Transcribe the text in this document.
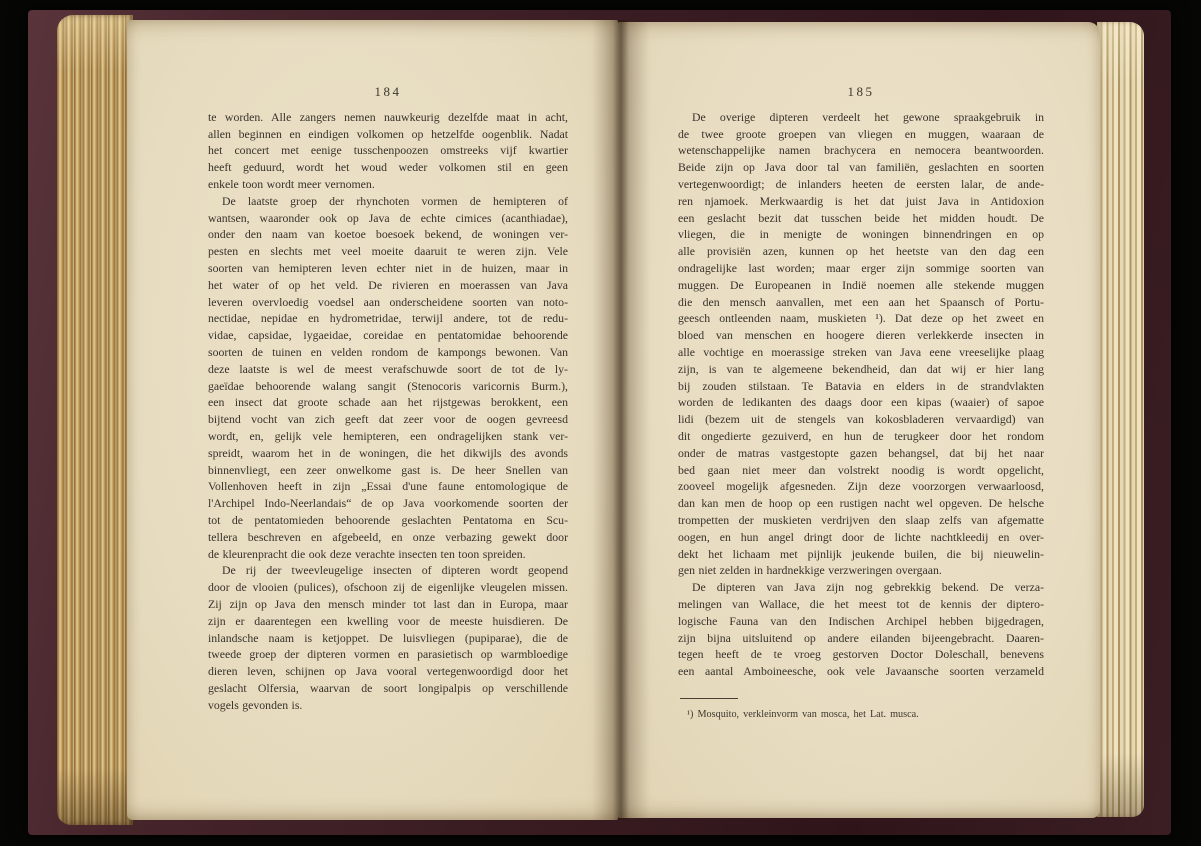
184
te worden. Alle zangers nemen nauwkeurig dezelfde maat in acht,
allen beginnen en eindigen volkomen op hetzelfde oogenblik. Nadat
het concert met eenige tusschenpoozen omstreeks vijf kwartier
heeft geduurd, wordt het woud weder volkomen stil en geen
enkele toon wordt meer vernomen.
De laatste groep der rhynchoten vormen de hemipteren of
wantsen, waaronder ook op Java de echte cimices (acanthiadae),
onder den naam van koetoe boesoek bekend, de woningen ver-
pesten en slechts met veel moeite daaruit te weren zijn. Vele
soorten van hemipteren leven echter niet in de huizen, maar in
het water of op het veld. De rivieren en moerassen van Java
leveren overvloedig voedsel aan onderscheidene soorten van noto-
nectidae, nepidae en hydrometridae, terwijl andere, tot de redu-
vidae, capsidae, lygaeidae, coreidae en pentatomidae behoorende
soorten de tuinen en velden rondom de kampongs bewonen. Van
deze laatste is wel de meest verafschuwde soort de tot de ly-
gaeïdae behoorende walang sangit (Stenocoris varicornis Burm.),
een insect dat groote schade aan het rijstgewas berokkent, een
bijtend vocht van zich geeft dat zeer voor de oogen gevreesd
wordt, en, gelijk vele hemipteren, een ondragelijken stank ver-
spreidt, waarom het in de woningen, die het dikwijls des avonds
binnenvliegt, een zeer onwelkome gast is. De heer Snellen van
Vollenhoven heeft in zijn „Essai d'une faune entomologique de
l'Archipel Indo-Neerlandais“ de op Java voorkomende soorten der
tot de pentatomieden behoorende geslachten Pentatoma en Scu-
tellera beschreven en afgebeeld, en onze verbazing gewekt door
de kleurenpracht die ook deze verachte insecten ten toon spreiden.
De rij der tweevleugelige insecten of dipteren wordt geopend
door de vlooien (pulices), ofschoon zij de eigenlijke vleugelen missen.
Zij zijn op Java den mensch minder tot last dan in Europa, maar
zijn er daarentegen een kwelling voor de meeste huisdieren. De
inlandsche naam is ketjoppet. De luisvliegen (pupiparae), die de
tweede groep der dipteren vormen en parasietisch op warmbloedige
dieren leven, schijnen op Java vooral vertegenwoordigd door het
geslacht Olfersia, waarvan de soort longipalpis op verschillende
vogels gevonden is.
185
De overige dipteren verdeelt het gewone spraakgebruik in
de twee groote groepen van vliegen en muggen, waaraan de
wetenschappelijke namen brachycera en nemocera beantwoorden.
Beide zijn op Java door tal van familiën, geslachten en soorten
vertegenwoordigt; de inlanders heeten de eersten lalar, de ande-
ren njamoek. Merkwaardig is het dat juist Java in Antidoxion
een geslacht bezit dat tusschen beide het midden houdt. De
vliegen, die in menigte de woningen binnendringen en op
alle provisiën azen, kunnen op het heetste van den dag een
ondragelijke last worden; maar erger zijn sommige soorten van
muggen. De Europeanen in Indië noemen alle stekende muggen
die den mensch aanvallen, met een aan het Spaansch of Portu-
geesch ontleenden naam, muskieten ¹). Dat deze op het zweet en
bloed van menschen en hoogere dieren verlekkerde insecten in
alle vochtige en moerassige streken van Java eene vreeselijke plaag
zijn, is van te algemeene bekendheid, dan dat wij er hier lang
bij zouden stilstaan. Te Batavia en elders in de strandvlakten
worden de ledikanten des daags door een kipas (waaier) of sapoe
lidi (bezem uit de stengels van kokosbladeren vervaardigd) van
dit ongedierte gezuiverd, en hun de terugkeer door het rondom
onder de matras vastgestopte gazen behangsel, dat bij het naar
bed gaan niet meer dan volstrekt noodig is wordt opgelicht,
zooveel mogelijk afgesneden. Zijn deze voorzorgen verwaarloosd,
dan kan men de hoop op een rustigen nacht wel opgeven. De helsche
trompetten der muskieten verdrijven den slaap zelfs van afgematte
oogen, en hun angel dringt door de lichte nachtkleedij en over-
dekt het lichaam met pijnlijk jeukende builen, die bij nieuwelin-
gen niet zelden in hardnekkige verzweringen overgaan.
De dipteren van Java zijn nog gebrekkig bekend. De verza-
melingen van Wallace, die het meest tot de kennis der diptero-
logische Fauna van den Indischen Archipel hebben bijgedragen,
zijn bijna uitsluitend op andere eilanden bijeengebracht. Daaren-
tegen heeft de te vroeg gestorven Doctor Doleschall, benevens
een aantal Amboineesche, ook vele Javaansche soorten verzameld
¹) Mosquito, verkleinvorm van mosca, het Lat. musca.
